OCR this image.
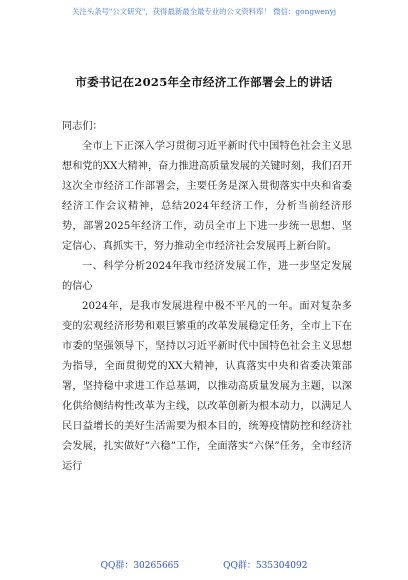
关注头条号"公文研究"，获得最新最全最专业的公文资料库！ 微信：gongwenyj
市委书记在2025年全市经济工作部署会上的讲话

同志们：

全市上下正深入学习贯彻习近平新时代中国特色社会主义思想和党的XX大精神，奋力推进高质量发展的关键时刻，我们召开这次全市经济工作部署会，主要任务是深入贯彻落实中央和省委经济工作会议精神，总结2024年经济工作，分析当前经济形势，部署2025年经济工作，动员全市上下进一步统一思想、坚定信心、真抓实干，努力推动全市经济社会发展再上新台阶。

一、科学分析2024年我市经济发展工作，进一步坚定发展的信心

2024年，是我市发展进程中极不平凡的一年。面对复杂多变的宏观经济形势和艰巨繁重的改革发展稳定任务，全市上下在市委的坚强领导下，坚持以习近平新时代中国特色社会主义思想为指导，全面贯彻党的XX大精神，认真落实中央和省委决策部署，坚持稳中求进工作总基调，以推动高质量发展为主题，以深化供给侧结构性改革为主线，以改革创新为根本动力，以满足人民日益增长的美好生活需要为根本目的，统筹疫情防控和经济社会发展，扎实做好“六稳”工作，全面落实“六保”任务，全市经济运行

QQ群：30265665	QQ群：535304092
